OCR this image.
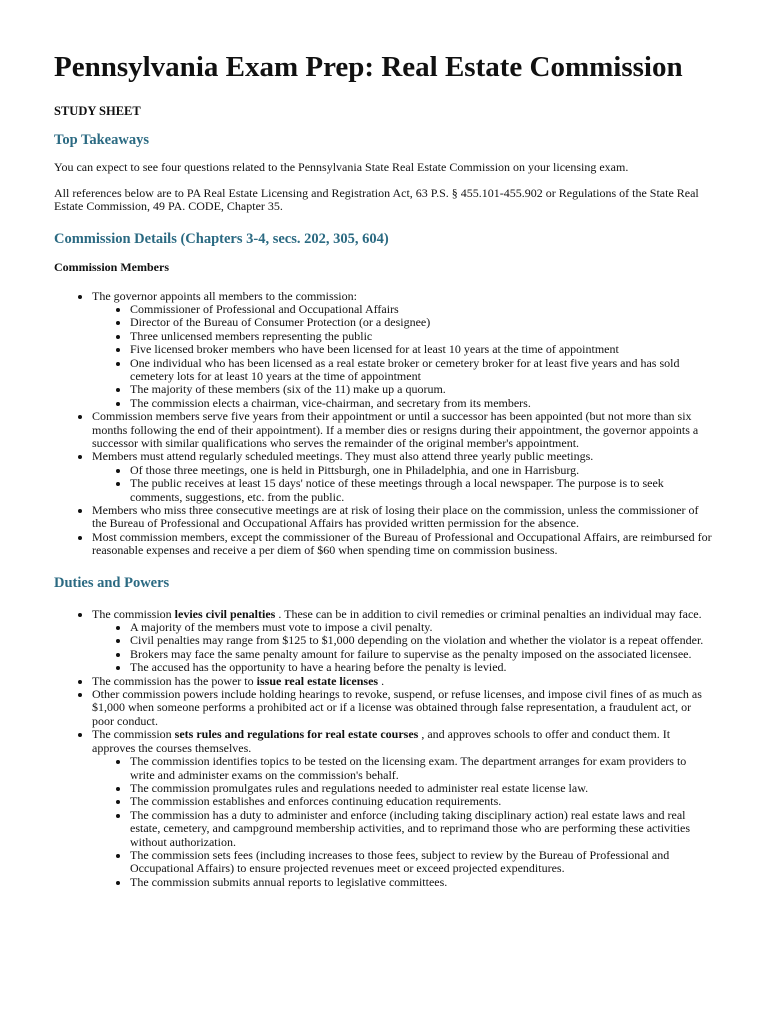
Pennsylvania Exam Prep: Real Estate Commission
STUDY SHEET
Top Takeaways

You can expect to see four questions related to the Pennsylvania State Real Estate Commission on your licensing exam.

All references below are to PA Real Estate Licensing and Registration Act, 63 P.S. § 455.101-455.902 or Regulations of the State Real Estate Commission, 49 PA. CODE, Chapter 35.

Commission Details (Chapters 3-4, secs. 202, 305, 604)
Commission Members
• The governor appoints all members to the commission:
• Commissioner of Professional and Occupational Affairs
• Director of the Bureau of Consumer Protection (or a designee)
• Three unlicensed members representing the public
• Five licensed broker members who have been licensed for at least 10 years at the time of appointment
• One individual who has been licensed as a real estate broker or cemetery broker for at least five years and has sold cemetery lots for at least 10 years at the time of appointment
• The majority of these members (six of the 11) make up a quorum.
• The commission elects a chairman, vice-chairman, and secretary from its members.
• Commission members serve five years from their appointment or until a successor has been appointed (but not more than six months following the end of their appointment). If a member dies or resigns during their appointment, the governor appoints a successor with similar qualifications who serves the remainder of the original member's appointment.
• Members must attend regularly scheduled meetings. They must also attend three yearly public meetings.
• Of those three meetings, one is held in Pittsburgh, one in Philadelphia, and one in Harrisburg.
• The public receives at least 15 days' notice of these meetings through a local newspaper. The purpose is to seek comments, suggestions, etc. from the public.
• Members who miss three consecutive meetings are at risk of losing their place on the commission, unless the commissioner of the Bureau of Professional and Occupational Affairs has provided written permission for the absence.
• Most commission members, except the commissioner of the Bureau of Professional and Occupational Affairs, are reimbursed for reasonable expenses and receive a per diem of $60 when spending time on commission business.
Duties and Powers
• The commission levies civil penalties . These can be in addition to civil remedies or criminal penalties an individual may face.
• A majority of the members must vote to impose a civil penalty.
• Civil penalties may range from $125 to $1,000 depending on the violation and whether the violator is a repeat offender.
• Brokers may face the same penalty amount for failure to supervise as the penalty imposed on the associated licensee.
• The accused has the opportunity to have a hearing before the penalty is levied.
• The commission has the power to issue real estate licenses .
• Other commission powers include holding hearings to revoke, suspend, or refuse licenses, and impose civil fines of as much as $1,000 when someone performs a prohibited act or if a license was obtained through false representation, a fraudulent act, or poor conduct.
• The commission sets rules and regulations for real estate courses , and approves schools to offer and conduct them. It approves the courses themselves.
• The commission identifies topics to be tested on the licensing exam. The department arranges for exam providers to write and administer exams on the commission's behalf.
• The commission promulgates rules and regulations needed to administer real estate license law.
• The commission establishes and enforces continuing education requirements.
• The commission has a duty to administer and enforce (including taking disciplinary action) real estate laws and real estate, cemetery, and campground membership activities, and to reprimand those who are performing these activities without authorization.
• The commission sets fees (including increases to those fees, subject to review by the Bureau of Professional and Occupational Affairs) to ensure projected revenues meet or exceed projected expenditures.
• The commission submits annual reports to legislative committees.
